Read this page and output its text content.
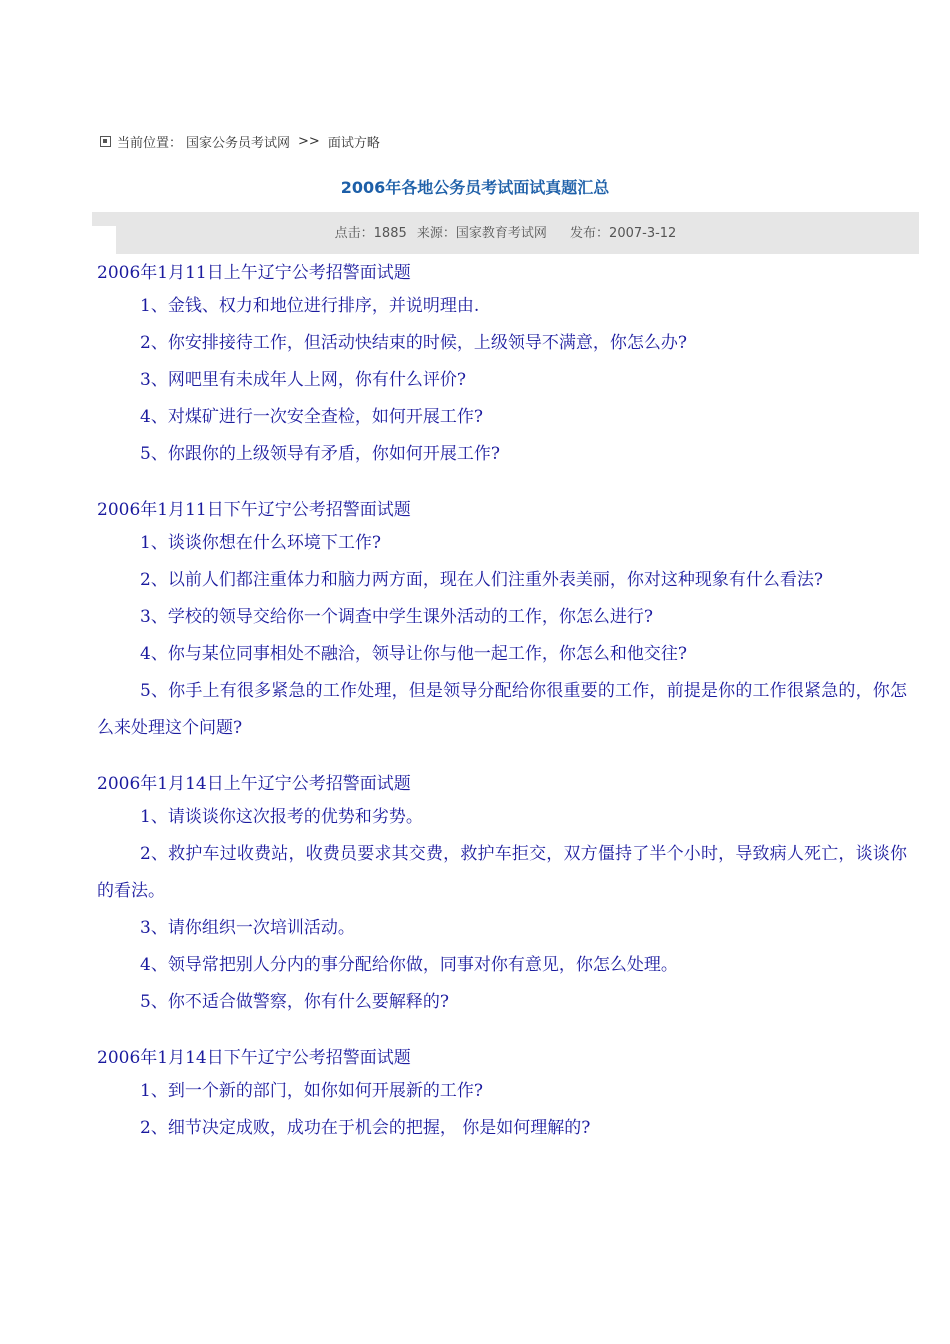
当前位置： 国家公务员考试网 >> 面试方略
2006年各地公务员考试面试真题汇总
点击：1885 来源：国家教育考试网 发布：2007-3-12
2006年1月11日上午辽宁公考招警面试题

1、金钱、权力和地位进行排序，并说明理由.

2、你安排接待工作，但活动快结束的时候，上级领导不满意，你怎么办?

3、网吧里有未成年人上网，你有什么评价?

4、对煤矿进行一次安全查检，如何开展工作?

5、你跟你的上级领导有矛盾，你如何开展工作?

2006年1月11日下午辽宁公考招警面试题

1、谈谈你想在什么环境下工作?

2、以前人们都注重体力和脑力两方面，现在人们注重外表美丽，你对这种现象有什么看法?

3、学校的领导交给你一个调查中学生课外活动的工作，你怎么进行?

4、你与某位同事相处不融洽，领导让你与他一起工作，你怎么和他交往?

5、你手上有很多紧急的工作处理，但是领导分配给你很重要的工作，前提是你的工作很紧急的，你怎么来处理这个问题?

2006年1月14日上午辽宁公考招警面试题

1、请谈谈你这次报考的优势和劣势。

2、救护车过收费站，收费员要求其交费，救护车拒交，双方僵持了半个小时，导致病人死亡，谈谈你的看法。

3、请你组织一次培训活动。

4、领导常把别人分内的事分配给你做，同事对你有意见，你怎么处理。

5、你不适合做警察，你有什么要解释的?

2006年1月14日下午辽宁公考招警面试题

1、到一个新的部门，如你如何开展新的工作?

2、细节决定成败，成功在于机会的把握， 你是如何理解的?
